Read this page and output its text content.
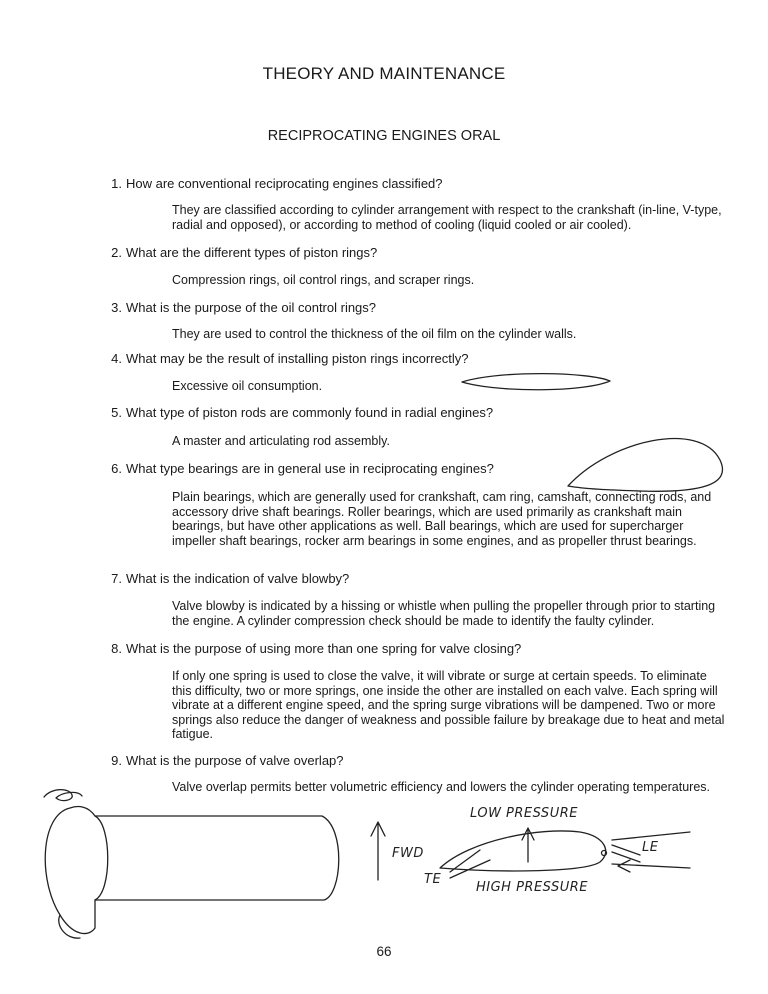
THEORY AND MAINTENANCE
RECIPROCATING ENGINES ORAL
1. How are conventional reciprocating engines classified?
They are classified according to cylinder arrangement with respect to the crankshaft (in-line, V-type, radial and opposed), or according to method of cooling (liquid cooled or air cooled).
2. What are the different types of piston rings?
Compression rings, oil control rings, and scraper rings.
3. What is the purpose of the oil control rings?
They are used to control the thickness of the oil film on the cylinder walls.
4. What may be the result of installing piston rings incorrectly?
Excessive oil consumption.
5. What type of piston rods are commonly found in radial engines?
A master and articulating rod assembly.
6. What type bearings are in general use in reciprocating engines?
Plain bearings, which are generally used for crankshaft, cam ring, camshaft, connecting rods, and accessory drive shaft bearings. Roller bearings, which are used primarily as crankshaft main bearings, but have other applications as well. Ball bearings, which are used for supercharger impeller shaft bearings, rocker arm bearings in some engines, and as propeller thrust bearings.
7. What is the indication of valve blowby?
Valve blowby is indicated by a hissing or whistle when pulling the propeller through prior to starting the engine. A cylinder compression check should be made to identify the faulty cylinder.
8. What is the purpose of using more than one spring for valve closing?
If only one spring is used to close the valve, it will vibrate or surge at certain speeds. To eliminate this difficulty, two or more springs, one inside the other are installed on each valve. Each spring will vibrate at a different engine speed, and the spring surge vibrations will be dampened. Two or more springs also reduce the danger of weakness and possible failure by breakage due to heat and metal fatigue.
9. What is the purpose of valve overlap?
Valve overlap permits better volumetric efficiency and lowers the cylinder operating temperatures.
LOW PRESSURE
FWD
TE
LE
HIGH PRESSURE
66
